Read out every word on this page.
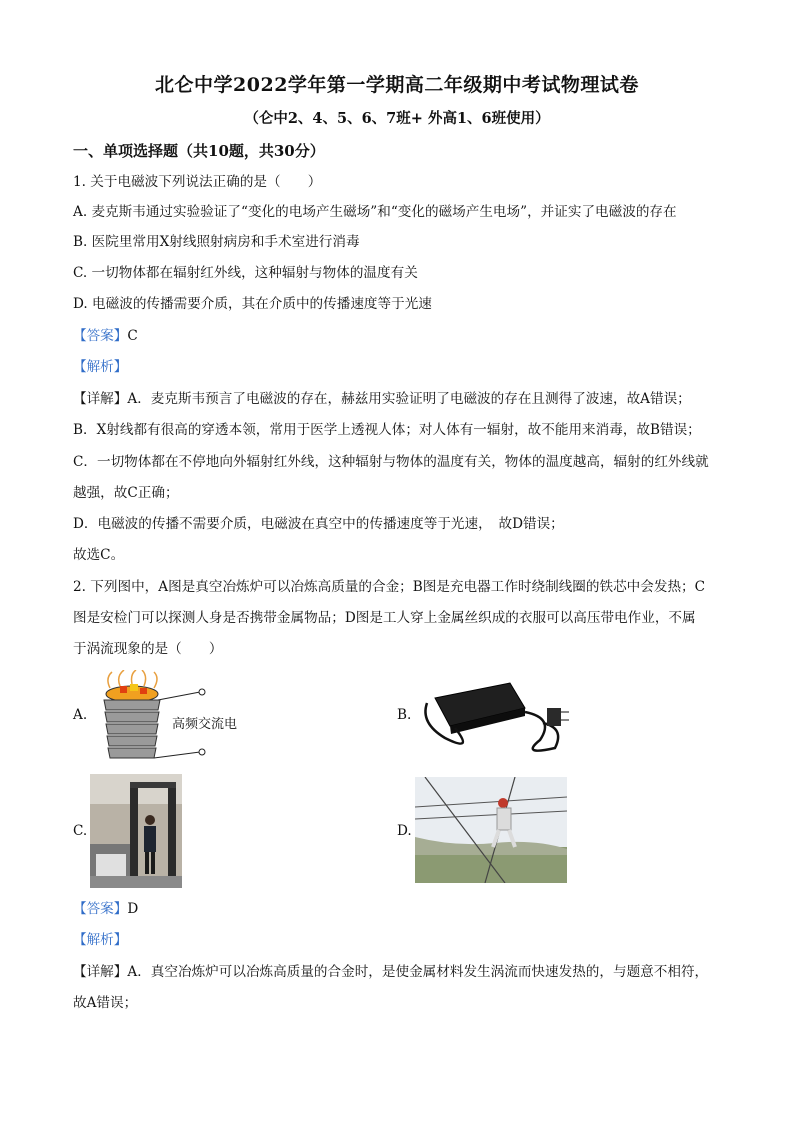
北仑中学2022学年第一学期高二年级期中考试物理试卷
（仑中2、4、5、6、7班+ 外高1、6班使用）
一、单项选择题（共10题，共30分）
1. 关于电磁波下列说法正确的是（　　）
A. 麦克斯韦通过实验验证了“变化的电场产生磁场”和“变化的磁场产生电场”，并证实了电磁波的存在
B. 医院里常用X射线照射病房和手术室进行消毒
C. 一切物体都在辐射红外线，这种辐射与物体的温度有关
D. 电磁波的传播需要介质，其在介质中的传播速度等于光速
【答案】C
【解析】
【详解】A．麦克斯韦预言了电磁波的存在，赫兹用实验证明了电磁波的存在且测得了波速，故A错误；
B．X射线都有很高的穿透本领，常用于医学上透视人体；对人体有一辐射，故不能用来消毒，故B错误；
C．一切物体都在不停地向外辐射红外线，这种辐射与物体的温度有关，物体的温度越高，辐射的红外线就
越强，故C正确；
D．电磁波的传播不需要介质，电磁波在真空中的传播速度等于光速，　故D错误；
故选C。
2. 下列图中，A图是真空冶炼炉可以冶炼高质量的合金；B图是充电器工作时绕制线圈的铁芯中会发热；C
图是安检门可以探测人身是否携带金属物品；D图是工人穿上金属丝织成的衣服可以高压带电作业，不属
于涡流现象的是（　　）
A.
高频交流电
B.
C.	D.
【答案】D
【解析】
【详解】A．真空冶炼炉可以冶炼高质量的合金时，是使金属材料发生涡流而快速发热的，与题意不相符，
故A错误；
